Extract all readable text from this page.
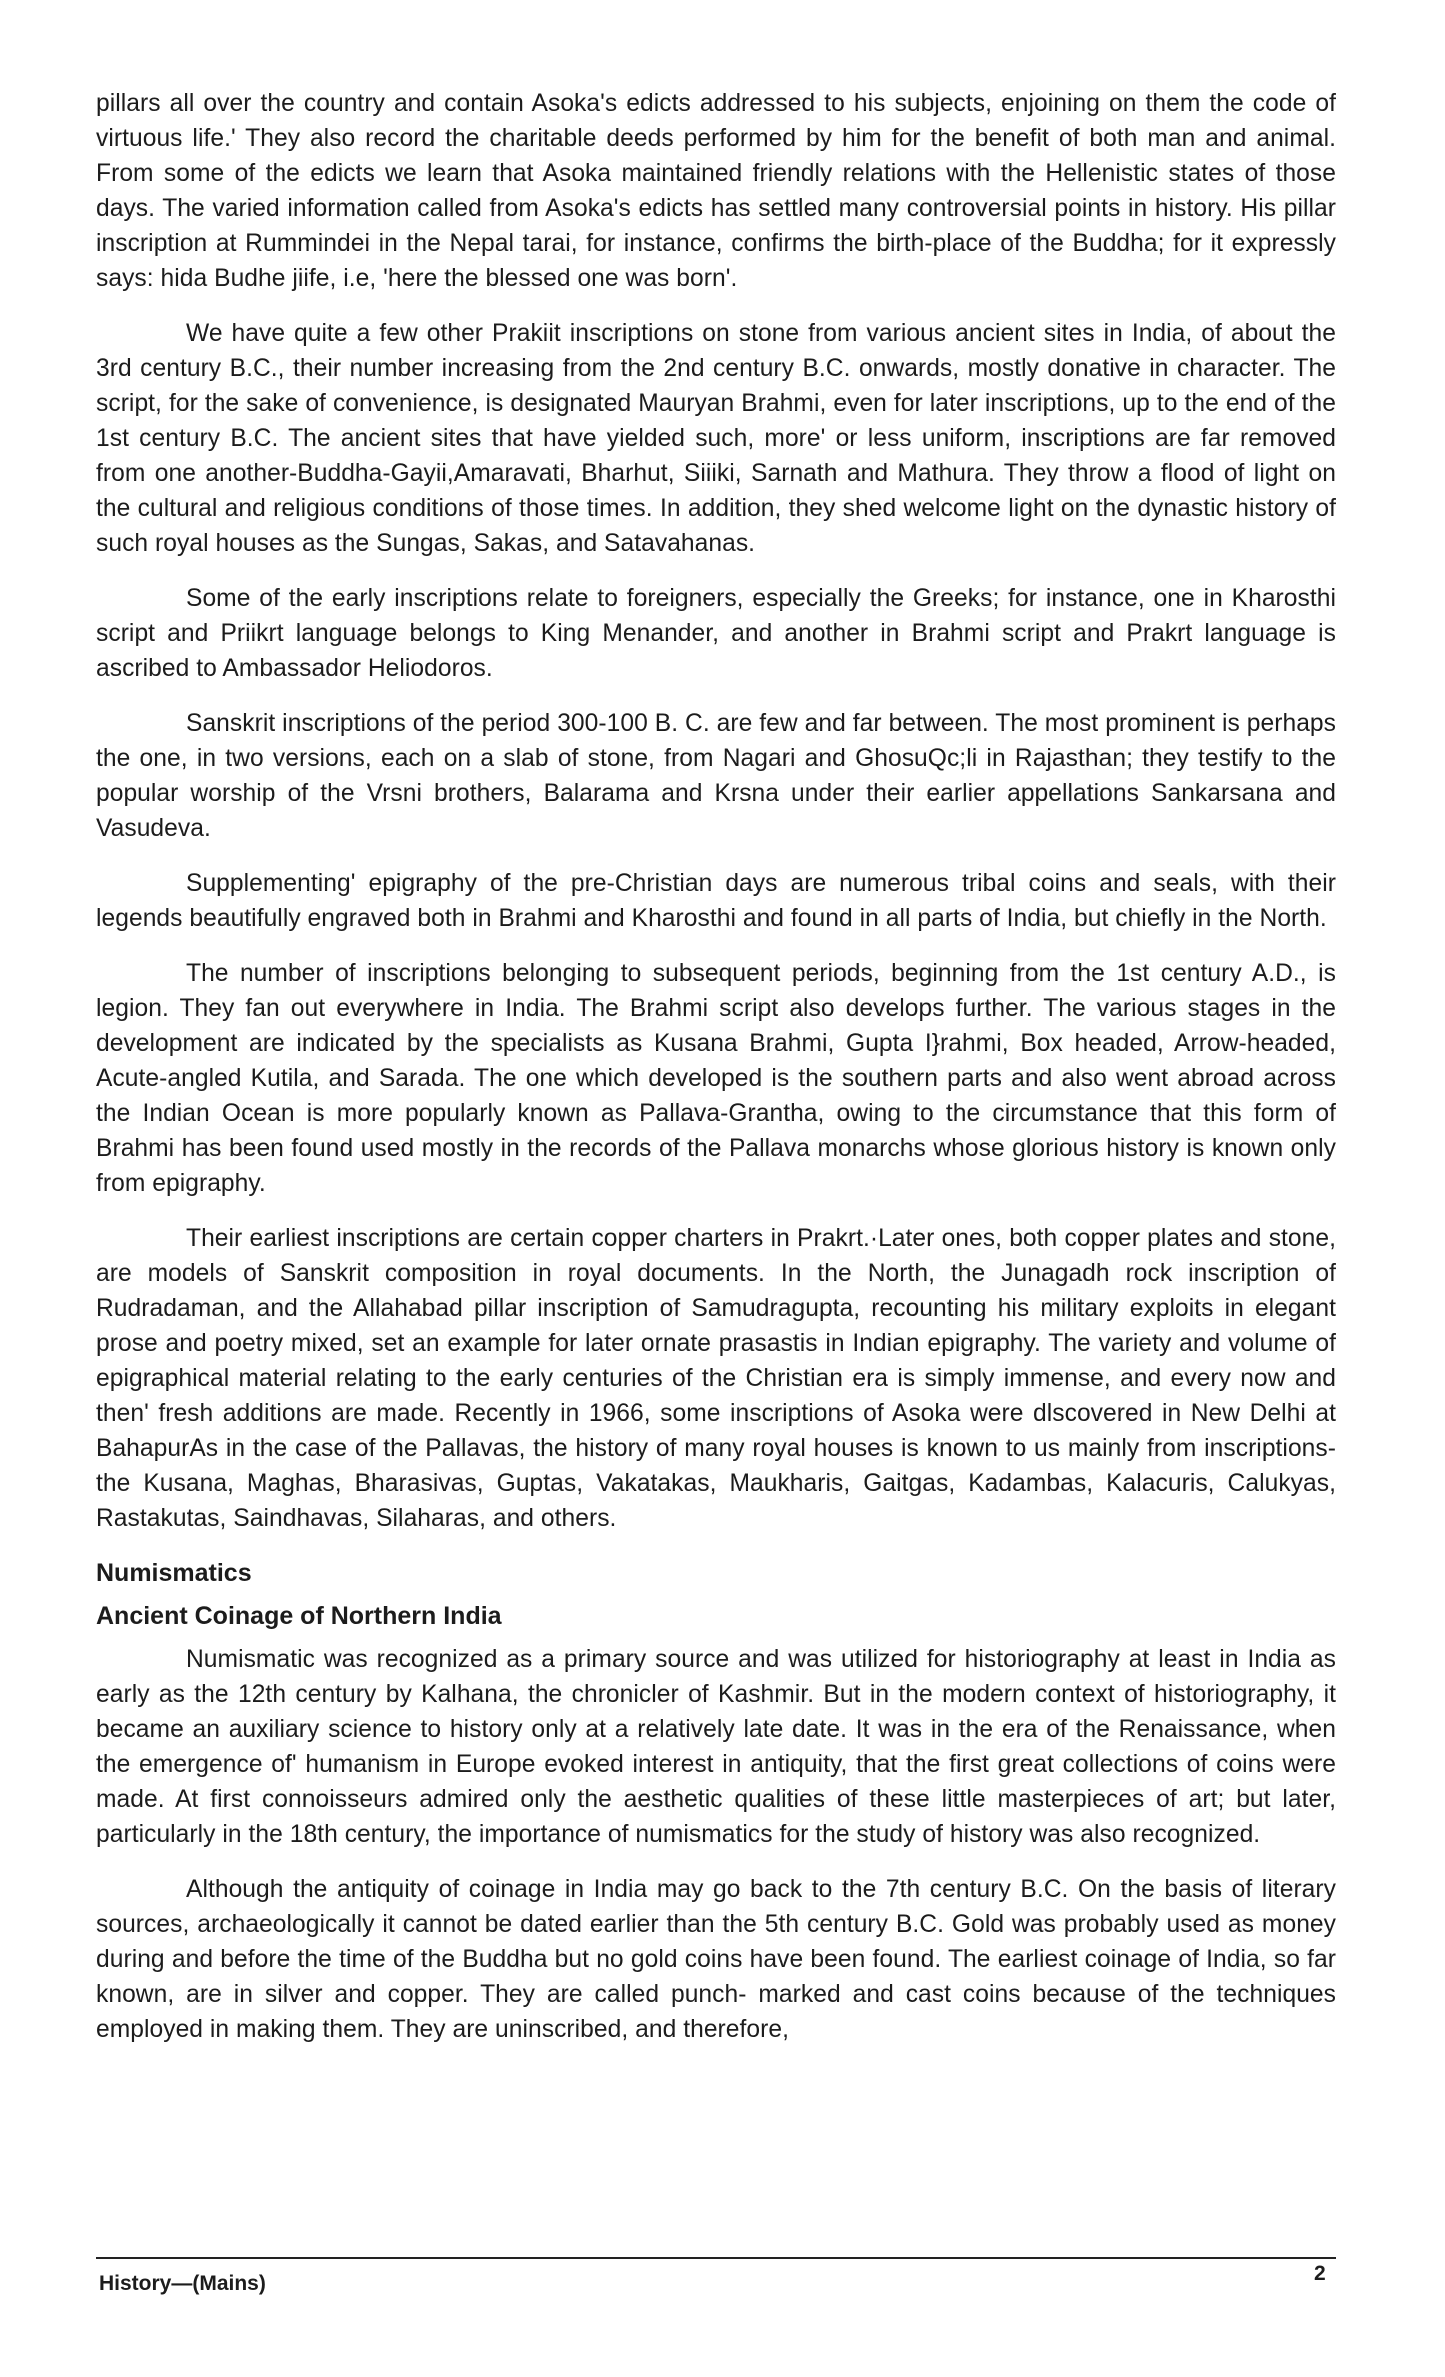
pillars all over the country and contain Asoka's edicts addressed to his subjects, enjoining on them the code of virtuous life.' They also record the charitable deeds performed by him for the benefit of both man and animal. From some of the edicts we learn that Asoka maintained friendly relations with the Hellenistic states of those days. The varied information called from Asoka's edicts has settled many controversial points in history. His pillar inscription at Rummindei in the Nepal tarai, for instance, confirms the birth-place of the Buddha; for it expressly says: hida Budhe jiife, i.e, 'here the blessed one was born'.

We have quite a few other Prakiit inscriptions on stone from various ancient sites in India, of about the 3rd century B.C., their number increasing from the 2nd century B.C. onwards, mostly donative in character. The script, for the sake of convenience, is designated Mauryan Brahmi, even for later inscriptions, up to the end of the 1st century B.C. The ancient sites that have yielded such, more' or less uniform, inscriptions are far removed from one another-Buddha-Gayii,Amaravati, Bharhut, Siiiki, Sarnath and Mathura. They throw a flood of light on the cultural and religious conditions of those times. In addition, they shed welcome light on the dynastic history of such royal houses as the Sungas, Sakas, and Satavahanas.

Some of the early inscriptions relate to foreigners, especially the Greeks; for instance, one in Kharosthi script and Priikrt language belongs to King Menander, and another in Brahmi script and Prakrt language is ascribed to Ambassador Heliodoros.

Sanskrit inscriptions of the period 300-100 B. C. are few and far between. The most prominent is perhaps the one, in two versions, each on a slab of stone, from Nagari and GhosuQc;li in Rajasthan; they testify to the popular worship of the Vrsni brothers, Balarama and Krsna under their earlier appellations Sankarsana and Vasudeva.

Supplementing' epigraphy of the pre-Christian days are numerous tribal coins and seals, with their legends beautifully engraved both in Brahmi and Kharosthi and found in all parts of India, but chiefly in the North.

The number of inscriptions belonging to subsequent periods, beginning from the 1st century A.D., is legion. They fan out everywhere in India. The Brahmi script also develops further. The various stages in the development are indicated by the specialists as Kusana Brahmi, Gupta I}rahmi, Box headed, Arrow-headed, Acute-angled Kutila, and Sarada. The one which developed is the southern parts and also went abroad across the Indian Ocean is more popularly known as Pallava-Grantha, owing to the circumstance that this form of Brahmi has been found used mostly in the records of the Pallava monarchs whose glorious history is known only from epigraphy.

Their earliest inscriptions are certain copper charters in Prakrt.·Later ones, both copper plates and stone, are models of Sanskrit composition in royal documents. In the North, the Junagadh rock inscription of Rudradaman, and the Allahabad pillar inscription of Samudragupta, recounting his military exploits in elegant prose and poetry mixed, set an example for later ornate prasastis in Indian epigraphy. The variety and volume of epigraphical material relating to the early centuries of the Christian era is simply immense, and every now and then' fresh additions are made. Recently in 1966, some inscriptions of Asoka were dlscovered in New Delhi at BahapurAs in the case of the Pallavas, the history of many royal houses is known to us mainly from inscriptions-the Kusana, Maghas, Bharasivas, Guptas, Vakatakas, Maukharis, Gaitgas, Kadambas, Kalacuris, Calukyas, Rastakutas, Saindhavas, Silaharas, and others.

Numismatics
Ancient Coinage of Northern India

Numismatic was recognized as a primary source and was utilized for historiography at least in India as early as the 12th century by Kalhana, the chronicler of Kashmir. But in the modern context of historiography, it became an auxiliary science to history only at a relatively late date. It was in the era of the Renaissance, when the emergence of' humanism in Europe evoked interest in antiquity, that the first great collections of coins were made. At first connoisseurs admired only the aesthetic qualities of these little masterpieces of art; but later, particularly in the 18th century, the importance of numismatics for the study of history was also recognized.

Although the antiquity of coinage in India may go back to the 7th century B.C. On the basis of literary sources, archaeologically it cannot be dated earlier than the 5th century B.C. Gold was probably used as money during and before the time of the Buddha but no gold coins have been found. The earliest coinage of India, so far known, are in silver and copper. They are called punch- marked and cast coins because of the techniques employed in making them. They are uninscribed, and therefore,

History—(Mains)	2
